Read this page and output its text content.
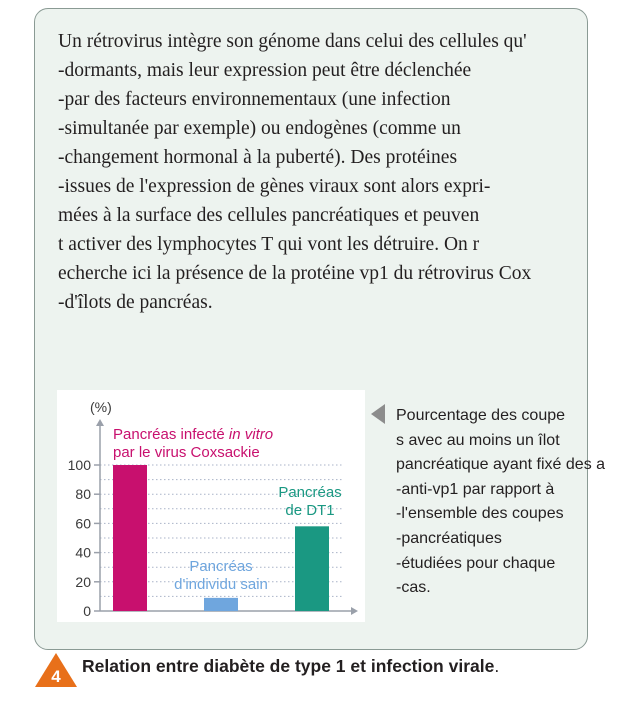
Un rétrovirus intègre son génome dans celui des cellules qu'
-dormants, mais leur expression peut être déclenchée
-par des facteurs environnementaux (une infection
-simultanée par exemple) ou endogènes (comme un
-changement hormonal à la puberté). Des protéines
-issues de l'expression de gènes viraux sont alors expri-
mées à la surface des cellules pancréatiques et peuven
t activer des lymphocytes T qui vont les détruire. On r
echerche ici la présence de la protéine vp1 du rétrovirus Cox
-d'îlots de pancréas.
(%)
0
20
40
60
80
100
Pancréas infecté in vitro
par le virus Coxsackie
Pancréas
d'individu sain
Pancréas
de DT1
Pourcentage des coupe
s avec au moins un îlot
pancréatique ayant fixé des a
-anti-vp1 par rapport à
-l'ensemble des coupes
-pancréatiques
-étudiées pour chaque
-cas.
4
Relation entre diabète de type 1 et infection virale.
